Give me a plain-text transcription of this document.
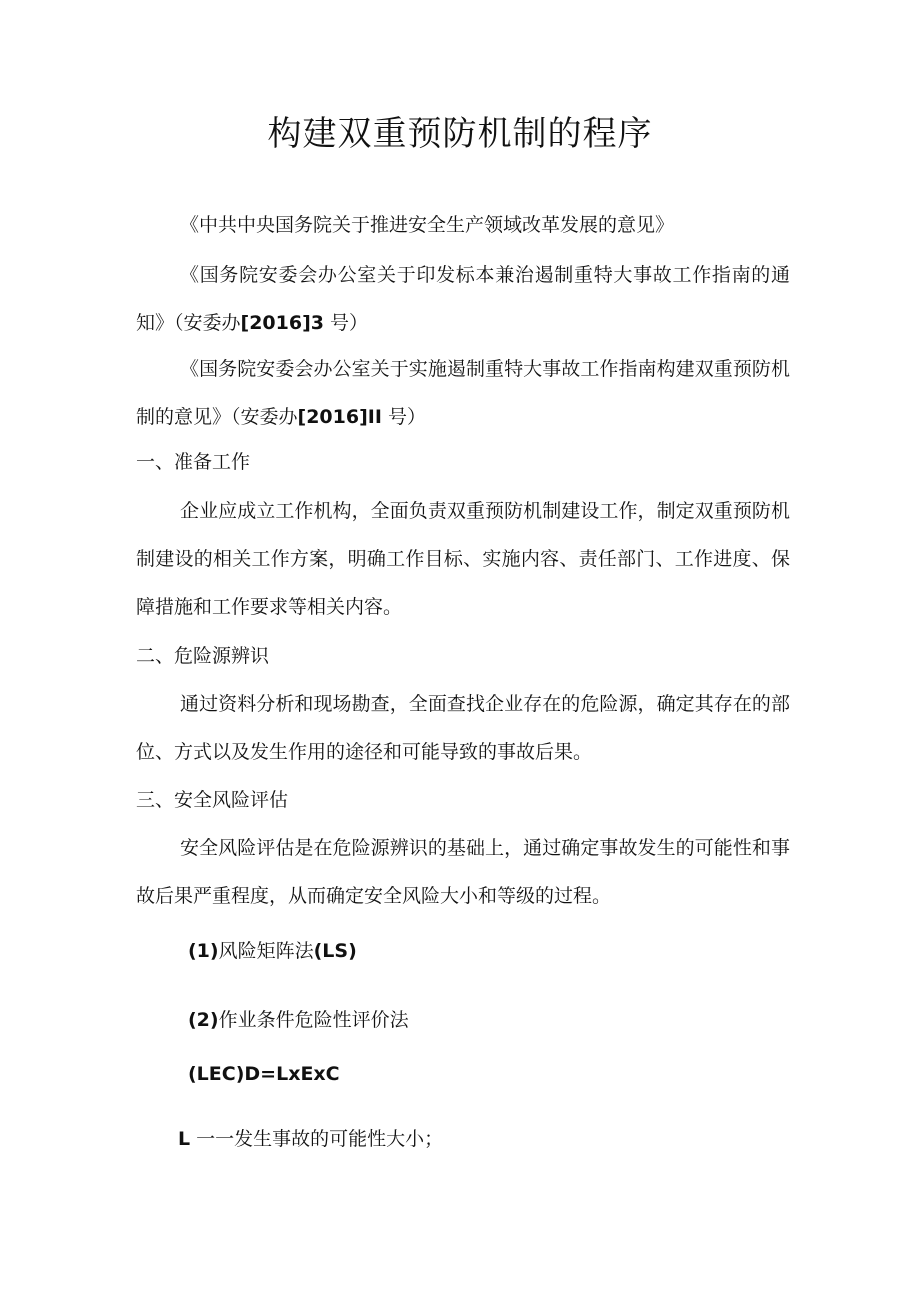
构建双重预防机制的程序

《中共中央国务院关于推进安全生产领域改革发展的意见》

《国务院安委会办公室关于印发标本兼治遏制重特大事故工作指南的通知》（安委办[2016]3 号）

《国务院安委会办公室关于实施遏制重特大事故工作指南构建双重预防机制的意见》（安委办[2016]II 号）

一、准备工作

企业应成立工作机构，全面负责双重预防机制建设工作，制定双重预防机制建设的相关工作方案，明确工作目标、实施内容、责任部门、工作进度、保障措施和工作要求等相关内容。

二、危险源辨识

通过资料分析和现场勘查，全面查找企业存在的危险源，确定其存在的部位、方式以及发生作用的途径和可能导致的事故后果。

三、安全风险评估

安全风险评估是在危险源辨识的基础上，通过确定事故发生的可能性和事故后果严重程度，从而确定安全风险大小和等级的过程。

(1)风险矩阵法(LS)

(2)作业条件危险性评价法

(LEC)D=LxExC

L 一一发生事故的可能性大小；
